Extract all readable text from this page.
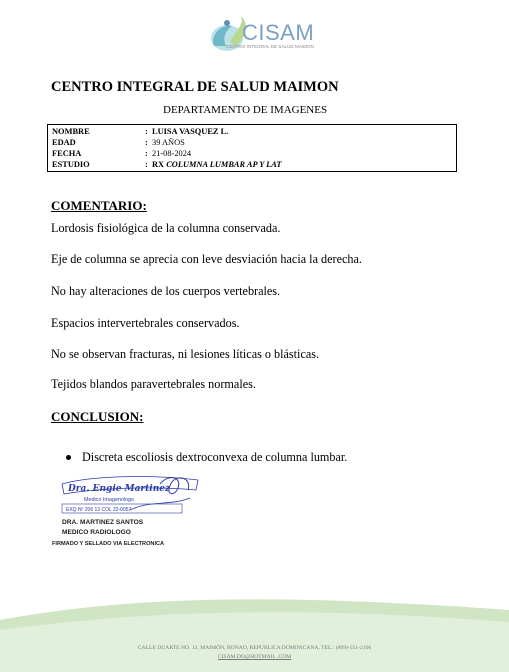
CISAM
CENTRO INTEGRAL DE SALUD MAIMON
CENTRO INTEGRAL DE SALUD MAIMON
DEPARTAMENTO DE IMAGENES
NOMBRE	: LUISA VASQUEZ L.
EDAD	: 39 AÑOS
FECHA	: 21-08-2024
ESTUDIO	: RX COLUMNA LUMBAR AP Y LAT
COMENTARIO:
Lordosis fisiológica de la columna conservada.
Eje de columna se aprecia con leve desviación hacia la derecha.
No hay alteraciones de los cuerpos vertebrales.
Espacios intervertebrales conservados.
No se observan fracturas, ni lesiones líticas o blásticas.
Tejidos blandos paravertebrales normales.
CONCLUSION:
Discreta escoliosis dextroconvexa de columna lumbar.
Dra. Engie Martinez
Medico Imagenologo
EXQ Nº 206 13 COL 22-0057
DRA. MARTINEZ SANTOS
MEDICO RADIOLOGO
FIRMADO Y SELLADO VIA ELECTRONICA
CALLE DUARTE NO. 13, MAIMÓN, BONAO, REPUBLICA DOMINICANA, TEL.: (809)-551-2106
CISAM.DO@HOTMAIL .COM
